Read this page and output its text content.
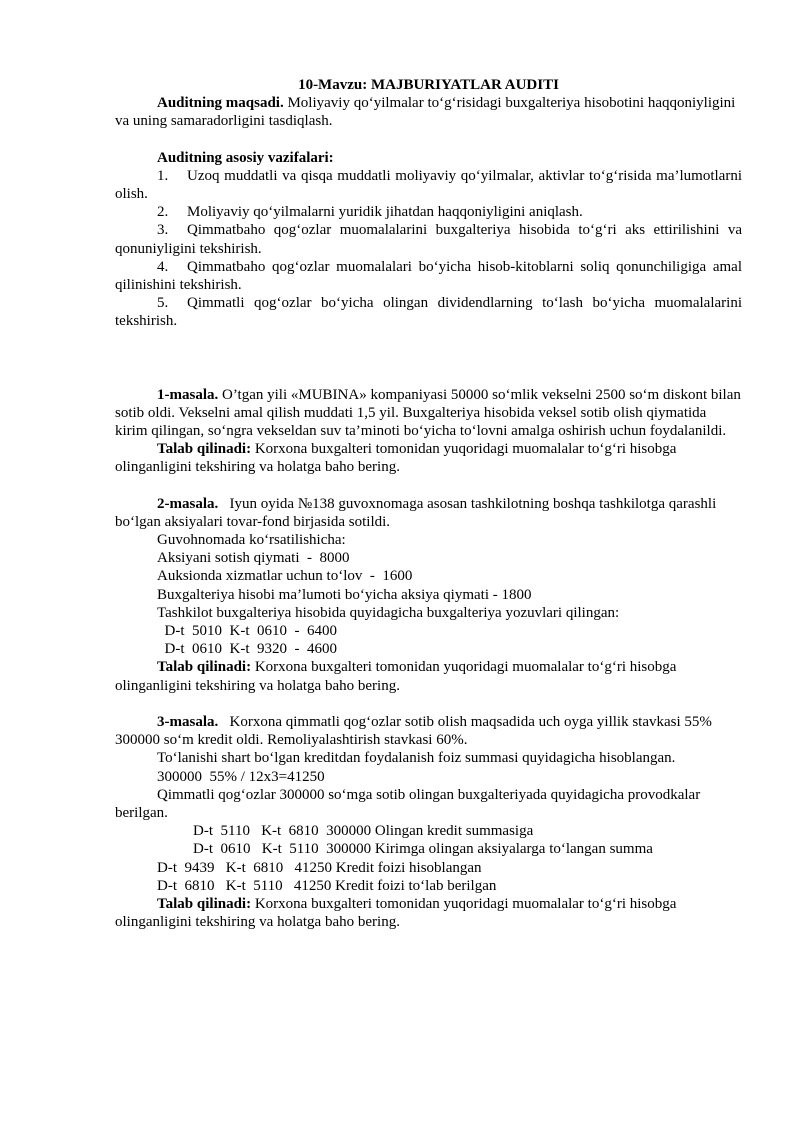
10-Mavzu: MAJBURIYATLAR AUDITI

Auditning maqsadi. Moliyaviy qo‘yilmalar to‘g‘risidagi buxgalteriya hisobotini haqqoniyligini va uning samaradorligini tasdiqlash.

Auditning asosiy vazifalari:

1. Uzoq muddatli va qisqa muddatli moliyaviy qo‘yilmalar, aktivlar to‘g‘risida ma’lumotlarni olish.

2. Moliyaviy qo‘yilmalarni yuridik jihatdan haqqoniyligini aniqlash.

3. Qimmatbaho qog‘ozlar muomalalarini buxgalteriya hisobida to‘g‘ri aks ettirilishini va qonuniyligini tekshirish.

4. Qimmatbaho qog‘ozlar muomalalari bo‘yicha hisob-kitoblarni soliq qonunchiligiga amal qilinishini tekshirish.

5. Qimmatli qog‘ozlar bo‘yicha olingan dividendlarning to‘lash bo‘yicha muomalalarini tekshirish.

1-masala. O’tgan yili «MUBINA» kompaniyasi 50000 so‘mlik vekselni 2500 so‘m diskont bilan sotib oldi. Vekselni amal qilish muddati 1,5 yil. Buxgalteriya hisobida veksel sotib olish qiymatida kirim qilingan, so‘ngra vekseldan suv ta’minoti bo‘yicha to‘lovni amalga oshirish uchun foydalanildi.

Talab qilinadi: Korxona buxgalteri tomonidan yuqoridagi muomalalar to‘g‘ri hisobga olinganligini tekshiring va holatga baho bering.

2-masala.   Iyun oyida №138 guvoxnomaga asosan tashkilotning boshqa tashkilotga qarashli bo‘lgan aksiyalari tovar-fond birjasida sotildi.

Guvohnomada ko‘rsatilishicha:

Aksiyani sotish qiymati  -  8000

Auksionda xizmatlar uchun to‘lov  -  1600

Buxgalteriya hisobi ma’lumoti bo‘yicha aksiya qiymati - 1800

Tashkilot buxgalteriya hisobida quyidagicha buxgalteriya yozuvlari qilingan:

D-t  5010  K-t  0610  -  6400

D-t  0610  K-t  9320  -  4600

Talab qilinadi: Korxona buxgalteri tomonidan yuqoridagi muomalalar to‘g‘ri hisobga olinganligini tekshiring va holatga baho bering.

3-masala.   Korxona qimmatli qog‘ozlar sotib olish maqsadida uch oyga yillik stavkasi 55% 300000 so‘m kredit oldi. Remoliyalashtirish stavkasi 60%.

To‘lanishi shart bo‘lgan kreditdan foydalanish foiz summasi quyidagicha hisoblangan.

300000  55% / 12x3=41250

Qimmatli qog‘ozlar 300000 so‘mga sotib olingan buxgalteriyada quyidagicha provodkalar berilgan.

D-t  5110   K-t  6810  300000 Olingan kredit summasiga

D-t  0610   K-t  5110  300000 Kirimga olingan aksiyalarga to‘langan summa

D-t  9439   K-t  6810   41250 Kredit foizi hisoblangan

D-t  6810   K-t  5110   41250 Kredit foizi to‘lab berilgan

Talab qilinadi: Korxona buxgalteri tomonidan yuqoridagi muomalalar to‘g‘ri hisobga olinganligini tekshiring va holatga baho bering.
